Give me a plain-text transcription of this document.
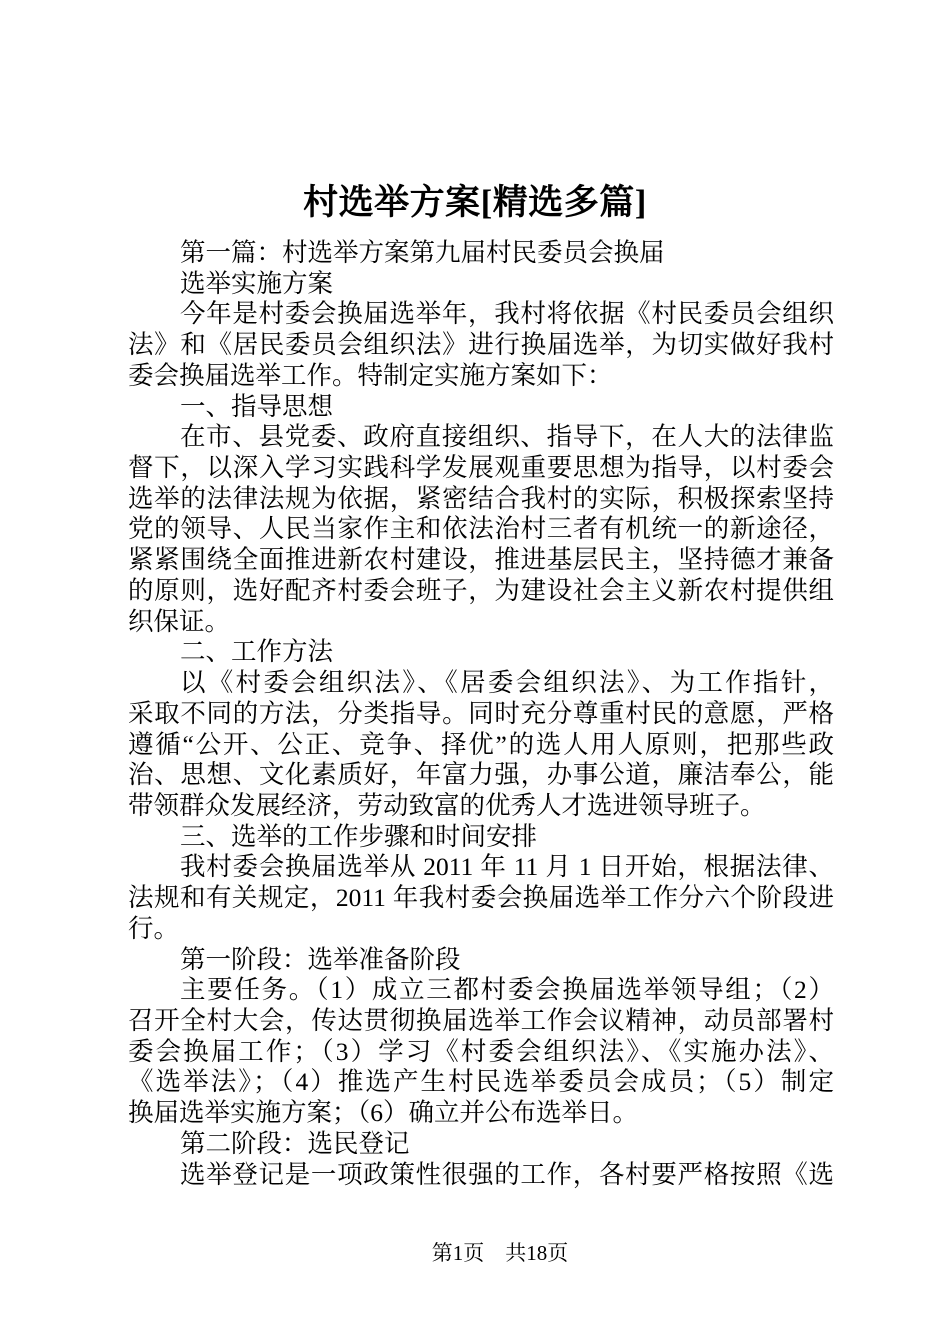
村选举方案[精选多篇]
第一篇：村选举方案第九届村民委员会换届
选举实施方案
今年是村委会换届选举年，我村将依据《村民委员会组织
法》和《居民委员会组织法》进行换届选举，为切实做好我村
委会换届选举工作。特制定实施方案如下：
一、指导思想
在市、县党委、政府直接组织、指导下，在人大的法律监
督下，以深入学习实践科学发展观重要思想为指导，以村委会
选举的法律法规为依据，紧密结合我村的实际，积极探索坚持
党的领导、人民当家作主和依法治村三者有机统一的新途径，
紧紧围绕全面推进新农村建设，推进基层民主，坚持德才兼备
的原则，选好配齐村委会班子，为建设社会主义新农村提供组
织保证。
二、工作方法
以《村委会组织法》、《居委会组织法》、为工作指针，
采取不同的方法，分类指导。同时充分尊重村民的意愿，严格
遵循“公开、公正、竞争、择优”的选人用人原则，把那些政
治、思想、文化素质好，年富力强，办事公道，廉洁奉公，能
带领群众发展经济，劳动致富的优秀人才选进领导班子。
三、选举的工作步骤和时间安排
我村委会换届选举从 2011 年 11 月 1 日开始，根据法律、
法规和有关规定，2011 年我村委会换届选举工作分六个阶段进
行。
第一阶段：选举准备阶段
主要任务。（1）成立三都村委会换届选举领导组；（2）
召开全村大会，传达贯彻换届选举工作会议精神，动员部署村
委会换届工作；（3）学习《村委会组织法》、《实施办法》、
《选举法》；（4）推选产生村民选举委员会成员；（5）制定
换届选举实施方案；（6）确立并公布选举日。
第二阶段：选民登记
选举登记是一项政策性很强的工作，各村要严格按照《选
第1页　共18页
